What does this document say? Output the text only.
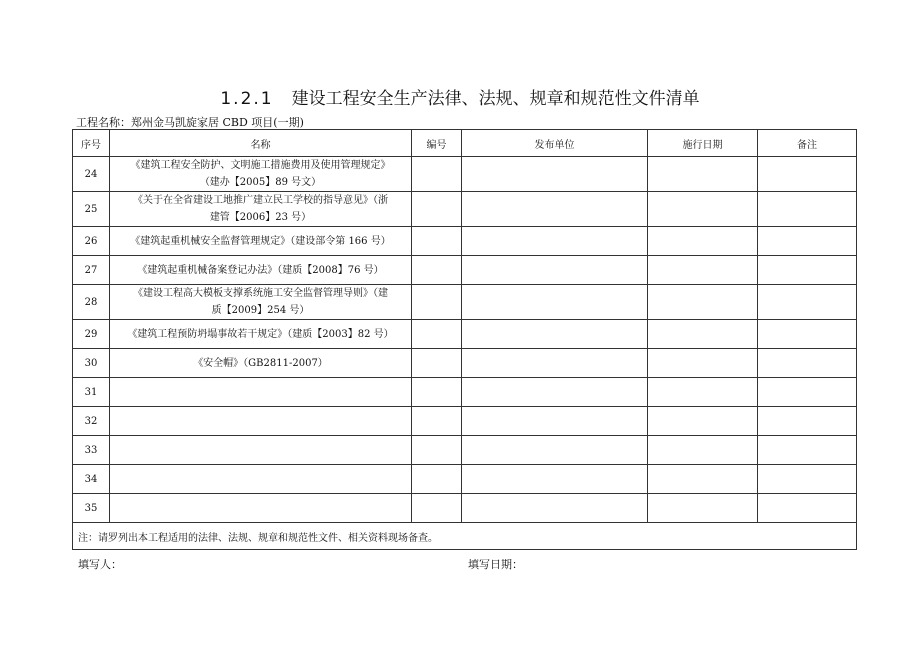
1.2.1 建设工程安全生产法律、法规、规章和规范性文件清单
工程名称：郑州金马凯旋家居 CBD 项目(一期)
序号	名称	编号	发布单位	施行日期	备注
24	《建筑工程安全防护、文明施工措施费用及使用管理规定》
（建办【2005】89 号文）				

25	《关于在全省建设工地推广建立民工学校的指导意见》（浙
建管【2006】23 号）				

26	《建筑起重机械安全监督管理规定》（建设部令第 166 号）				
27	《建筑起重机械备案登记办法》（建质【2008】76 号）				
28	《建设工程高大模板支撑系统施工安全监督管理导则》（建
质【2009】254 号）				

29	《建筑工程预防坍塌事故若干规定》（建质【2003】82 号）				
30	《安全帽》（GB2811-2007）				
31					
32					
33					
34					
35					
注：请罗列出本工程适用的法律、法规、规章和规范性文件、相关资料现场备查。					
填写人：	填写日期：
